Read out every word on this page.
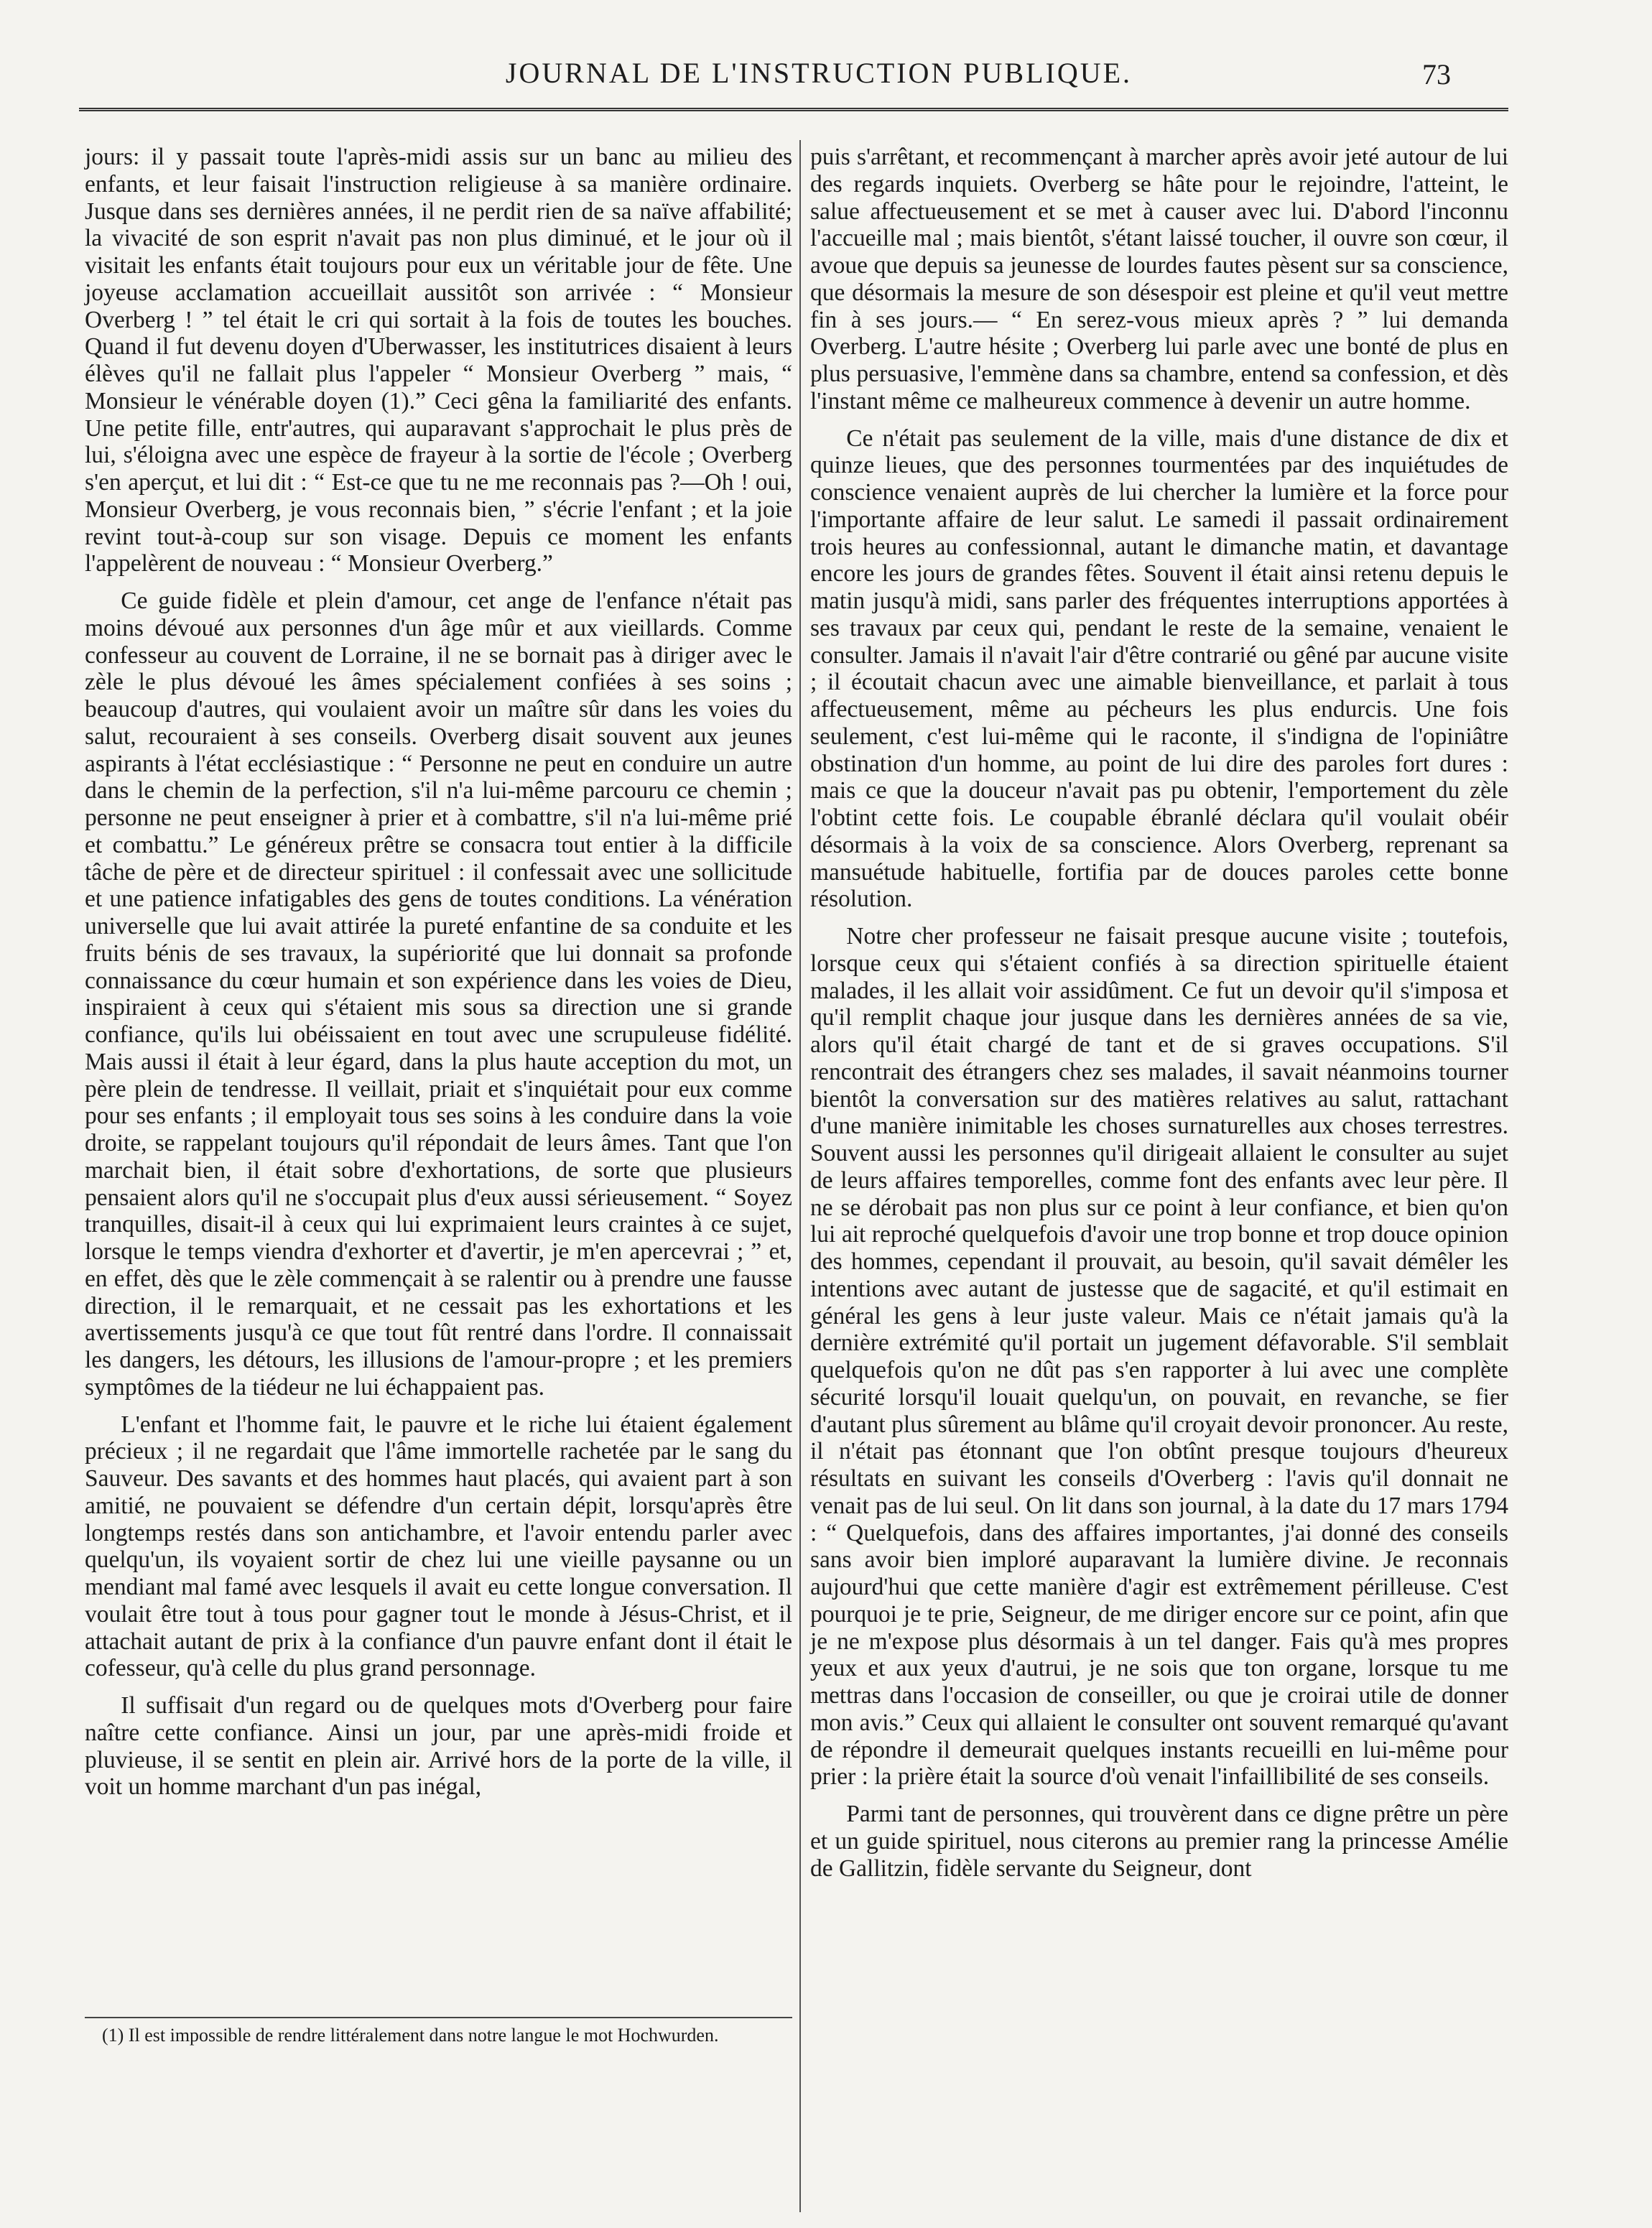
JOURNAL DE L'INSTRUCTION PUBLIQUE.	73

jours: il y passait toute l'après-midi assis sur un banc au milieu des enfants, et leur faisait l'instruction religieuse à sa manière ordinaire. Jusque dans ses dernières années, il ne perdit rien de sa naïve affabilité; la vivacité de son esprit n'avait pas non plus diminué, et le jour où il visitait les enfants était toujours pour eux un véritable jour de fête. Une joyeuse acclamation accueillait aussitôt son arrivée : “ Monsieur Overberg ! ” tel était le cri qui sortait à la fois de toutes les bouches. Quand il fut devenu doyen d'Uberwasser, les institutrices disaient à leurs élèves qu'il ne fallait plus l'appeler “ Monsieur Overberg ” mais, “ Monsieur le vénérable doyen (1).” Ceci gêna la familiarité des enfants. Une petite fille, entr'autres, qui auparavant s'approchait le plus près de lui, s'éloigna avec une espèce de frayeur à la sortie de l'école ; Overberg s'en aperçut, et lui dit : “ Est-ce que tu ne me reconnais pas ?—Oh ! oui, Monsieur Overberg, je vous reconnais bien, ” s'écrie l'enfant ; et la joie revint tout-à-coup sur son visage. Depuis ce moment les enfants l'appelèrent de nouveau : “ Monsieur Overberg.”

Ce guide fidèle et plein d'amour, cet ange de l'enfance n'était pas moins dévoué aux personnes d'un âge mûr et aux vieillards. Comme confesseur au couvent de Lorraine, il ne se bornait pas à diriger avec le zèle le plus dévoué les âmes spécialement confiées à ses soins ; beaucoup d'autres, qui voulaient avoir un maître sûr dans les voies du salut, recouraient à ses conseils. Overberg disait souvent aux jeunes aspirants à l'état ecclésiastique : “ Personne ne peut en conduire un autre dans le chemin de la perfection, s'il n'a lui-même parcouru ce chemin ; personne ne peut enseigner à prier et à combattre, s'il n'a lui-même prié et combattu.” Le généreux prêtre se consacra tout entier à la difficile tâche de père et de directeur spirituel : il confessait avec une sollicitude et une patience infatigables des gens de toutes conditions. La vénération universelle que lui avait attirée la pureté enfantine de sa conduite et les fruits bénis de ses travaux, la supériorité que lui donnait sa profonde connaissance du cœur humain et son expérience dans les voies de Dieu, inspiraient à ceux qui s'étaient mis sous sa direction une si grande confiance, qu'ils lui obéissaient en tout avec une scrupuleuse fidélité. Mais aussi il était à leur égard, dans la plus haute acception du mot, un père plein de tendresse. Il veillait, priait et s'inquiétait pour eux comme pour ses enfants ; il employait tous ses soins à les conduire dans la voie droite, se rappelant toujours qu'il répondait de leurs âmes. Tant que l'on marchait bien, il était sobre d'exhortations, de sorte que plusieurs pensaient alors qu'il ne s'occupait plus d'eux aussi sérieusement. “ Soyez tranquilles, disait-il à ceux qui lui exprimaient leurs craintes à ce sujet, lorsque le temps viendra d'exhorter et d'avertir, je m'en apercevrai ; ” et, en effet, dès que le zèle commençait à se ralentir ou à prendre une fausse direction, il le remarquait, et ne cessait pas les exhortations et les avertissements jusqu'à ce que tout fût rentré dans l'ordre. Il connaissait les dangers, les détours, les illusions de l'amour-propre ; et les premiers symptômes de la tiédeur ne lui échappaient pas.

L'enfant et l'homme fait, le pauvre et le riche lui étaient également précieux ; il ne regardait que l'âme immortelle rachetée par le sang du Sauveur. Des savants et des hommes haut placés, qui avaient part à son amitié, ne pouvaient se défendre d'un certain dépit, lorsqu'après être longtemps restés dans son antichambre, et l'avoir entendu parler avec quelqu'un, ils voyaient sortir de chez lui une vieille paysanne ou un mendiant mal famé avec lesquels il avait eu cette longue conversation. Il voulait être tout à tous pour gagner tout le monde à Jésus-Christ, et il attachait autant de prix à la confiance d'un pauvre enfant dont il était le cofesseur, qu'à celle du plus grand personnage.

Il suffisait d'un regard ou de quelques mots d'Overberg pour faire naître cette confiance. Ainsi un jour, par une après-midi froide et pluvieuse, il se sentit en plein air. Arrivé hors de la porte de la ville, il voit un homme marchant d'un pas inégal,

puis s'arrêtant, et recommençant à marcher après avoir jeté autour de lui des regards inquiets. Overberg se hâte pour le rejoindre, l'atteint, le salue affectueusement et se met à causer avec lui. D'abord l'inconnu l'accueille mal ; mais bientôt, s'étant laissé toucher, il ouvre son cœur, il avoue que depuis sa jeunesse de lourdes fautes pèsent sur sa conscience, que désormais la mesure de son désespoir est pleine et qu'il veut mettre fin à ses jours.— “ En serez-vous mieux après ? ” lui demanda Overberg. L'autre hésite ; Overberg lui parle avec une bonté de plus en plus persuasive, l'emmène dans sa chambre, entend sa confession, et dès l'instant même ce malheureux commence à devenir un autre homme.

Ce n'était pas seulement de la ville, mais d'une distance de dix et quinze lieues, que des personnes tourmentées par des inquiétudes de conscience venaient auprès de lui chercher la lumière et la force pour l'importante affaire de leur salut. Le samedi il passait ordinairement trois heures au confessionnal, autant le dimanche matin, et davantage encore les jours de grandes fêtes. Souvent il était ainsi retenu depuis le matin jusqu'à midi, sans parler des fréquentes interruptions apportées à ses travaux par ceux qui, pendant le reste de la semaine, venaient le consulter. Jamais il n'avait l'air d'être contrarié ou gêné par aucune visite ; il écoutait chacun avec une aimable bienveillance, et parlait à tous affectueusement, même au pécheurs les plus endurcis. Une fois seulement, c'est lui-même qui le raconte, il s'indigna de l'opiniâtre obstination d'un homme, au point de lui dire des paroles fort dures : mais ce que la douceur n'avait pas pu obtenir, l'emportement du zèle l'obtint cette fois. Le coupable ébranlé déclara qu'il voulait obéir désormais à la voix de sa conscience. Alors Overberg, reprenant sa mansuétude habituelle, fortifia par de douces paroles cette bonne résolution.

Notre cher professeur ne faisait presque aucune visite ; toutefois, lorsque ceux qui s'étaient confiés à sa direction spirituelle étaient malades, il les allait voir assidûment. Ce fut un devoir qu'il s'imposa et qu'il remplit chaque jour jusque dans les dernières années de sa vie, alors qu'il était chargé de tant et de si graves occupations. S'il rencontrait des étrangers chez ses malades, il savait néanmoins tourner bientôt la conversation sur des matières relatives au salut, rattachant d'une manière inimitable les choses surnaturelles aux choses terrestres. Souvent aussi les personnes qu'il dirigeait allaient le consulter au sujet de leurs affaires temporelles, comme font des enfants avec leur père. Il ne se dérobait pas non plus sur ce point à leur confiance, et bien qu'on lui ait reproché quelquefois d'avoir une trop bonne et trop douce opinion des hommes, cependant il prouvait, au besoin, qu'il savait démêler les intentions avec autant de justesse que de sagacité, et qu'il estimait en général les gens à leur juste valeur. Mais ce n'était jamais qu'à la dernière extrémité qu'il portait un jugement défavorable. S'il semblait quelquefois qu'on ne dût pas s'en rapporter à lui avec une complète sécurité lorsqu'il louait quelqu'un, on pouvait, en revanche, se fier d'autant plus sûrement au blâme qu'il croyait devoir prononcer. Au reste, il n'était pas étonnant que l'on obtînt presque toujours d'heureux résultats en suivant les conseils d'Overberg : l'avis qu'il donnait ne venait pas de lui seul. On lit dans son journal, à la date du 17 mars 1794 : “ Quelquefois, dans des affaires importantes, j'ai donné des conseils sans avoir bien imploré auparavant la lumière divine. Je reconnais aujourd'hui que cette manière d'agir est extrêmement périlleuse. C'est pourquoi je te prie, Seigneur, de me diriger encore sur ce point, afin que je ne m'expose plus désormais à un tel danger. Fais qu'à mes propres yeux et aux yeux d'autrui, je ne sois que ton organe, lorsque tu me mettras dans l'occasion de conseiller, ou que je croirai utile de donner mon avis.” Ceux qui allaient le consulter ont souvent remarqué qu'avant de répondre il demeurait quelques instants recueilli en lui-même pour prier : la prière était la source d'où venait l'infaillibilité de ses conseils.

Parmi tant de personnes, qui trouvèrent dans ce digne prêtre un père et un guide spirituel, nous citerons au premier rang la princesse Amélie de Gallitzin, fidèle servante du Seigneur, dont

(1) Il est impossible de rendre littéralement dans notre langue le mot Hochwurden.
